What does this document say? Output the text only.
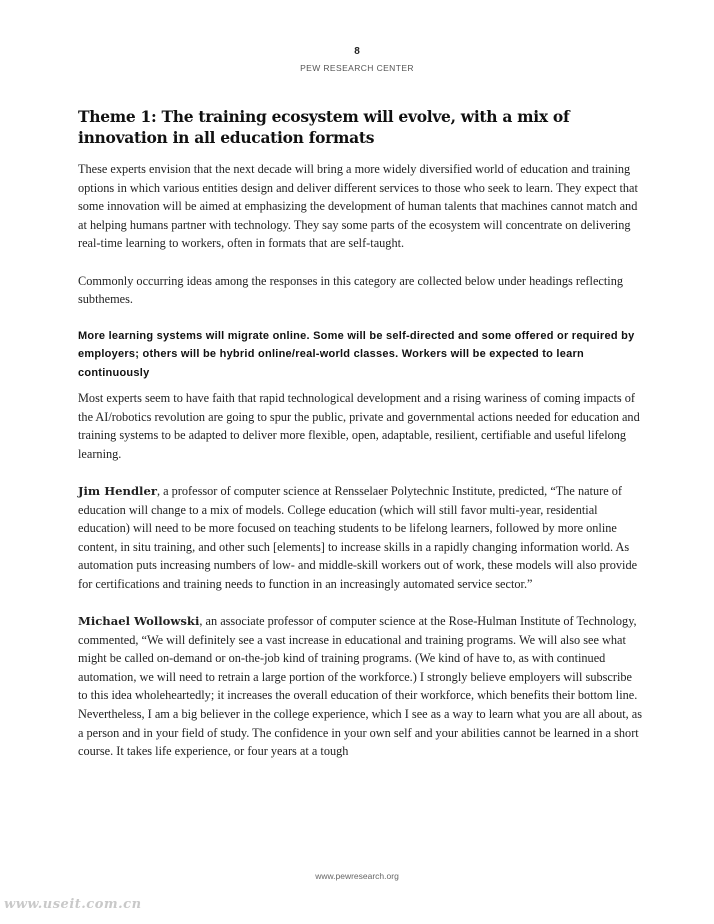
8
PEW RESEARCH CENTER
Theme 1: The training ecosystem will evolve, with a mix of innovation in all education formats

These experts envision that the next decade will bring a more widely diversified world of education and training options in which various entities design and deliver different services to those who seek to learn. They expect that some innovation will be aimed at emphasizing the development of human talents that machines cannot match and at helping humans partner with technology. They say some parts of the ecosystem will concentrate on delivering real-time learning to workers, often in formats that are self-taught.

Commonly occurring ideas among the responses in this category are collected below under headings reflecting subthemes.

More learning systems will migrate online. Some will be self-directed and some offered or required by employers; others will be hybrid online/real-world classes. Workers will be expected to learn continuously

Most experts seem to have faith that rapid technological development and a rising wariness of coming impacts of the AI/robotics revolution are going to spur the public, private and governmental actions needed for education and training systems to be adapted to deliver more flexible, open, adaptable, resilient, certifiable and useful lifelong learning.

Jim Hendler, a professor of computer science at Rensselaer Polytechnic Institute, predicted, “The nature of education will change to a mix of models. College education (which will still favor multi-year, residential education) will need to be more focused on teaching students to be lifelong learners, followed by more online content, in situ training, and other such [elements] to increase skills in a rapidly changing information world. As automation puts increasing numbers of low- and middle-skill workers out of work, these models will also provide for certifications and training needs to function in an increasingly automated service sector.”

Michael Wollowski, an associate professor of computer science at the Rose-Hulman Institute of Technology, commented, “We will definitely see a vast increase in educational and training programs. We will also see what might be called on-demand or on-the-job kind of training programs. (We kind of have to, as with continued automation, we will need to retrain a large portion of the workforce.) I strongly believe employers will subscribe to this idea wholeheartedly; it increases the overall education of their workforce, which benefits their bottom line. Nevertheless, I am a big believer in the college experience, which I see as a way to learn what you are all about, as a person and in your field of study. The confidence in your own self and your abilities cannot be learned in a short course. It takes life experience, or four years at a tough

www.pewresearch.org
www.useit.com.cn
